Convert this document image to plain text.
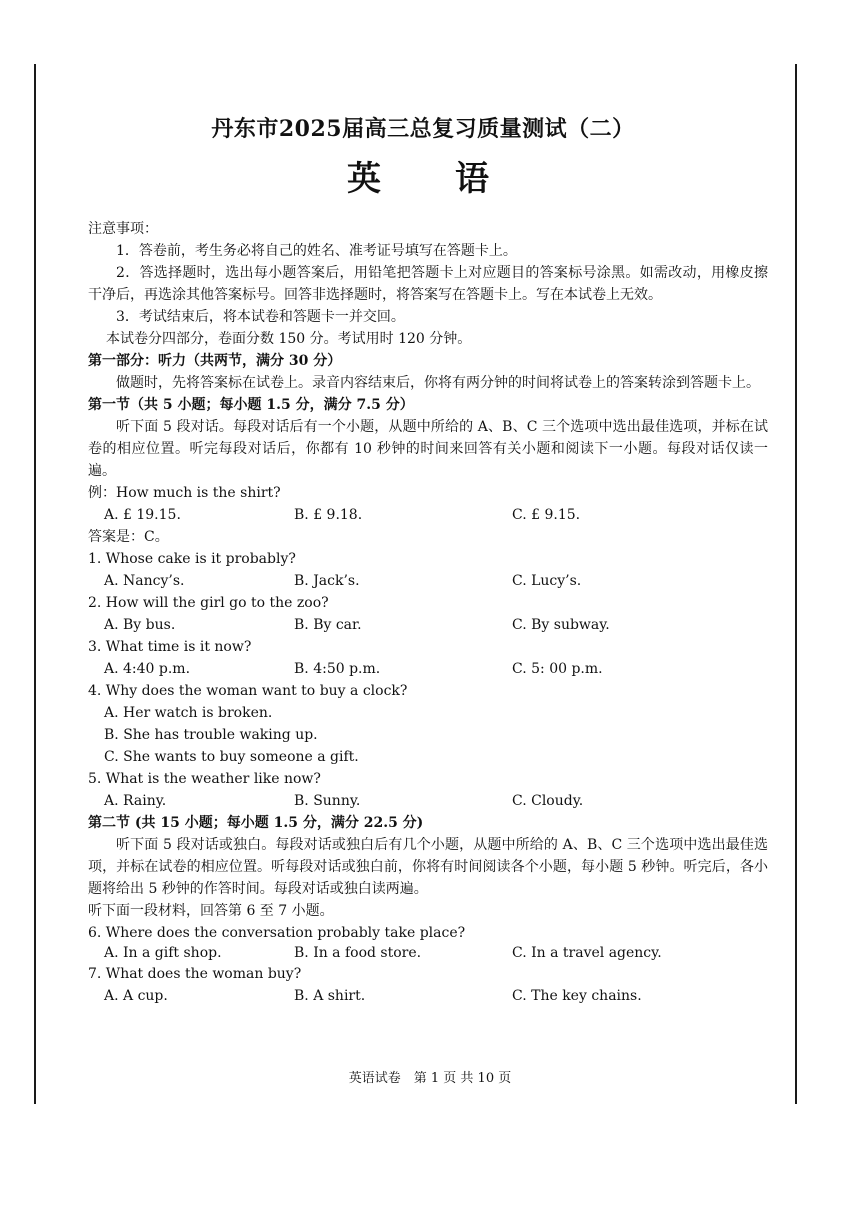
丹东市2025届高三总复习质量测试（二）
英　语
注意事项：
1．答卷前，考生务必将自己的姓名、准考证号填写在答题卡上。
2．答选择题时，选出每小题答案后，用铅笔把答题卡上对应题目的答案标号涂黑。如需改动，用橡皮擦干净后，再选涂其他答案标号。回答非选择题时，将答案写在答题卡上。写在本试卷上无效。
3．考试结束后，将本试卷和答题卡一并交回。
本试卷分四部分，卷面分数 150 分。考试用时 120 分钟。
第一部分：听力（共两节，满分 30 分）
做题时，先将答案标在试卷上。录音内容结束后，你将有两分钟的时间将试卷上的答案转涂到答题卡上。
第一节（共 5 小题；每小题 1.5 分，满分 7.5 分）
听下面 5 段对话。每段对话后有一个小题，从题中所给的 A、B、C 三个选项中选出最佳选项，并标在试卷的相应位置。听完每段对话后，你都有 10 秒钟的时间来回答有关小题和阅读下一小题。每段对话仅读一遍。
例：How much is the shirt?
A. £ 19.15.	B. £ 9.18.	C. £ 9.15.
答案是：C。
1. Whose cake is it probably?
A. Nancy’s.	B. Jack’s.	C. Lucy’s.
2. How will the girl go to the zoo?
A. By bus.	B. By car.	C. By subway.
3. What time is it now?
A. 4:40 p.m.	B. 4:50 p.m.	C. 5: 00 p.m.
4. Why does the woman want to buy a clock?
A. Her watch is broken.
B. She has trouble waking up.
C. She wants to buy someone a gift.
5. What is the weather like now?
A. Rainy.	B. Sunny.	C. Cloudy.
第二节 (共 15 小题；每小题 1.5 分，满分 22.5 分)
听下面 5 段对话或独白。每段对话或独白后有几个小题，从题中所给的 A、B、C 三个选项中选出最佳选项，并标在试卷的相应位置。听每段对话或独白前，你将有时间阅读各个小题，每小题 5 秒钟。听完后，各小题将给出 5 秒钟的作答时间。每段对话或独白读两遍。
听下面一段材料，回答第 6 至 7 小题。
6. Where does the conversation probably take place?
A. In a gift shop.	B. In a food store.	C. In a travel agency.
7. What does the woman buy?
A. A cup.	B. A shirt.	C. The key chains.
英语试卷　第 1 页 共 10 页
